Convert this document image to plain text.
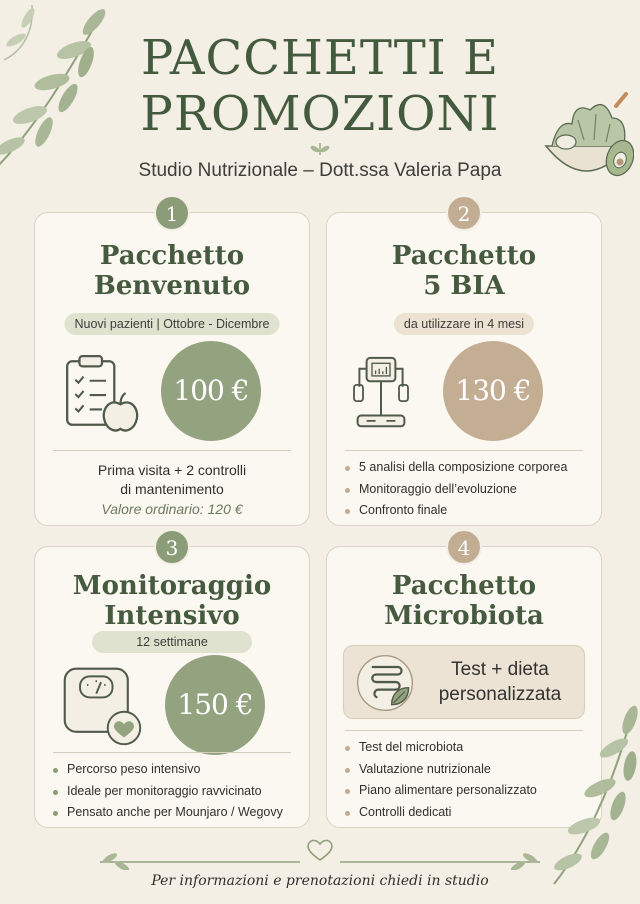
PACCHETTI E
PROMOZIONI
Studio Nutrizionale – Dott.ssa Valeria Papa
1
Pacchetto
Benvenuto
Nuovi pazienti | Ottobre - Dicembre
100 €
Prima visita + 2 controlli
di mantenimento
Valore ordinario: 120 €
2
Pacchetto
5 BIA
da utilizzare in 4 mesi
130 €
5 analisi della composizione corporea
Monitoraggio dell’evoluzione
Confronto finale
3
Monitoraggio
Intensivo
12 settimane
150 €
Percorso peso intensivo
Ideale per monitoraggio ravvicinato
Pensato anche per Mounjaro / Wegovy
4
Pacchetto
Microbiota
Test + dieta
personalizzata
Test del microbiota
Valutazione nutrizionale
Piano alimentare personalizzato
Controlli dedicati
Per informazioni e prenotazioni chiedi in studio
